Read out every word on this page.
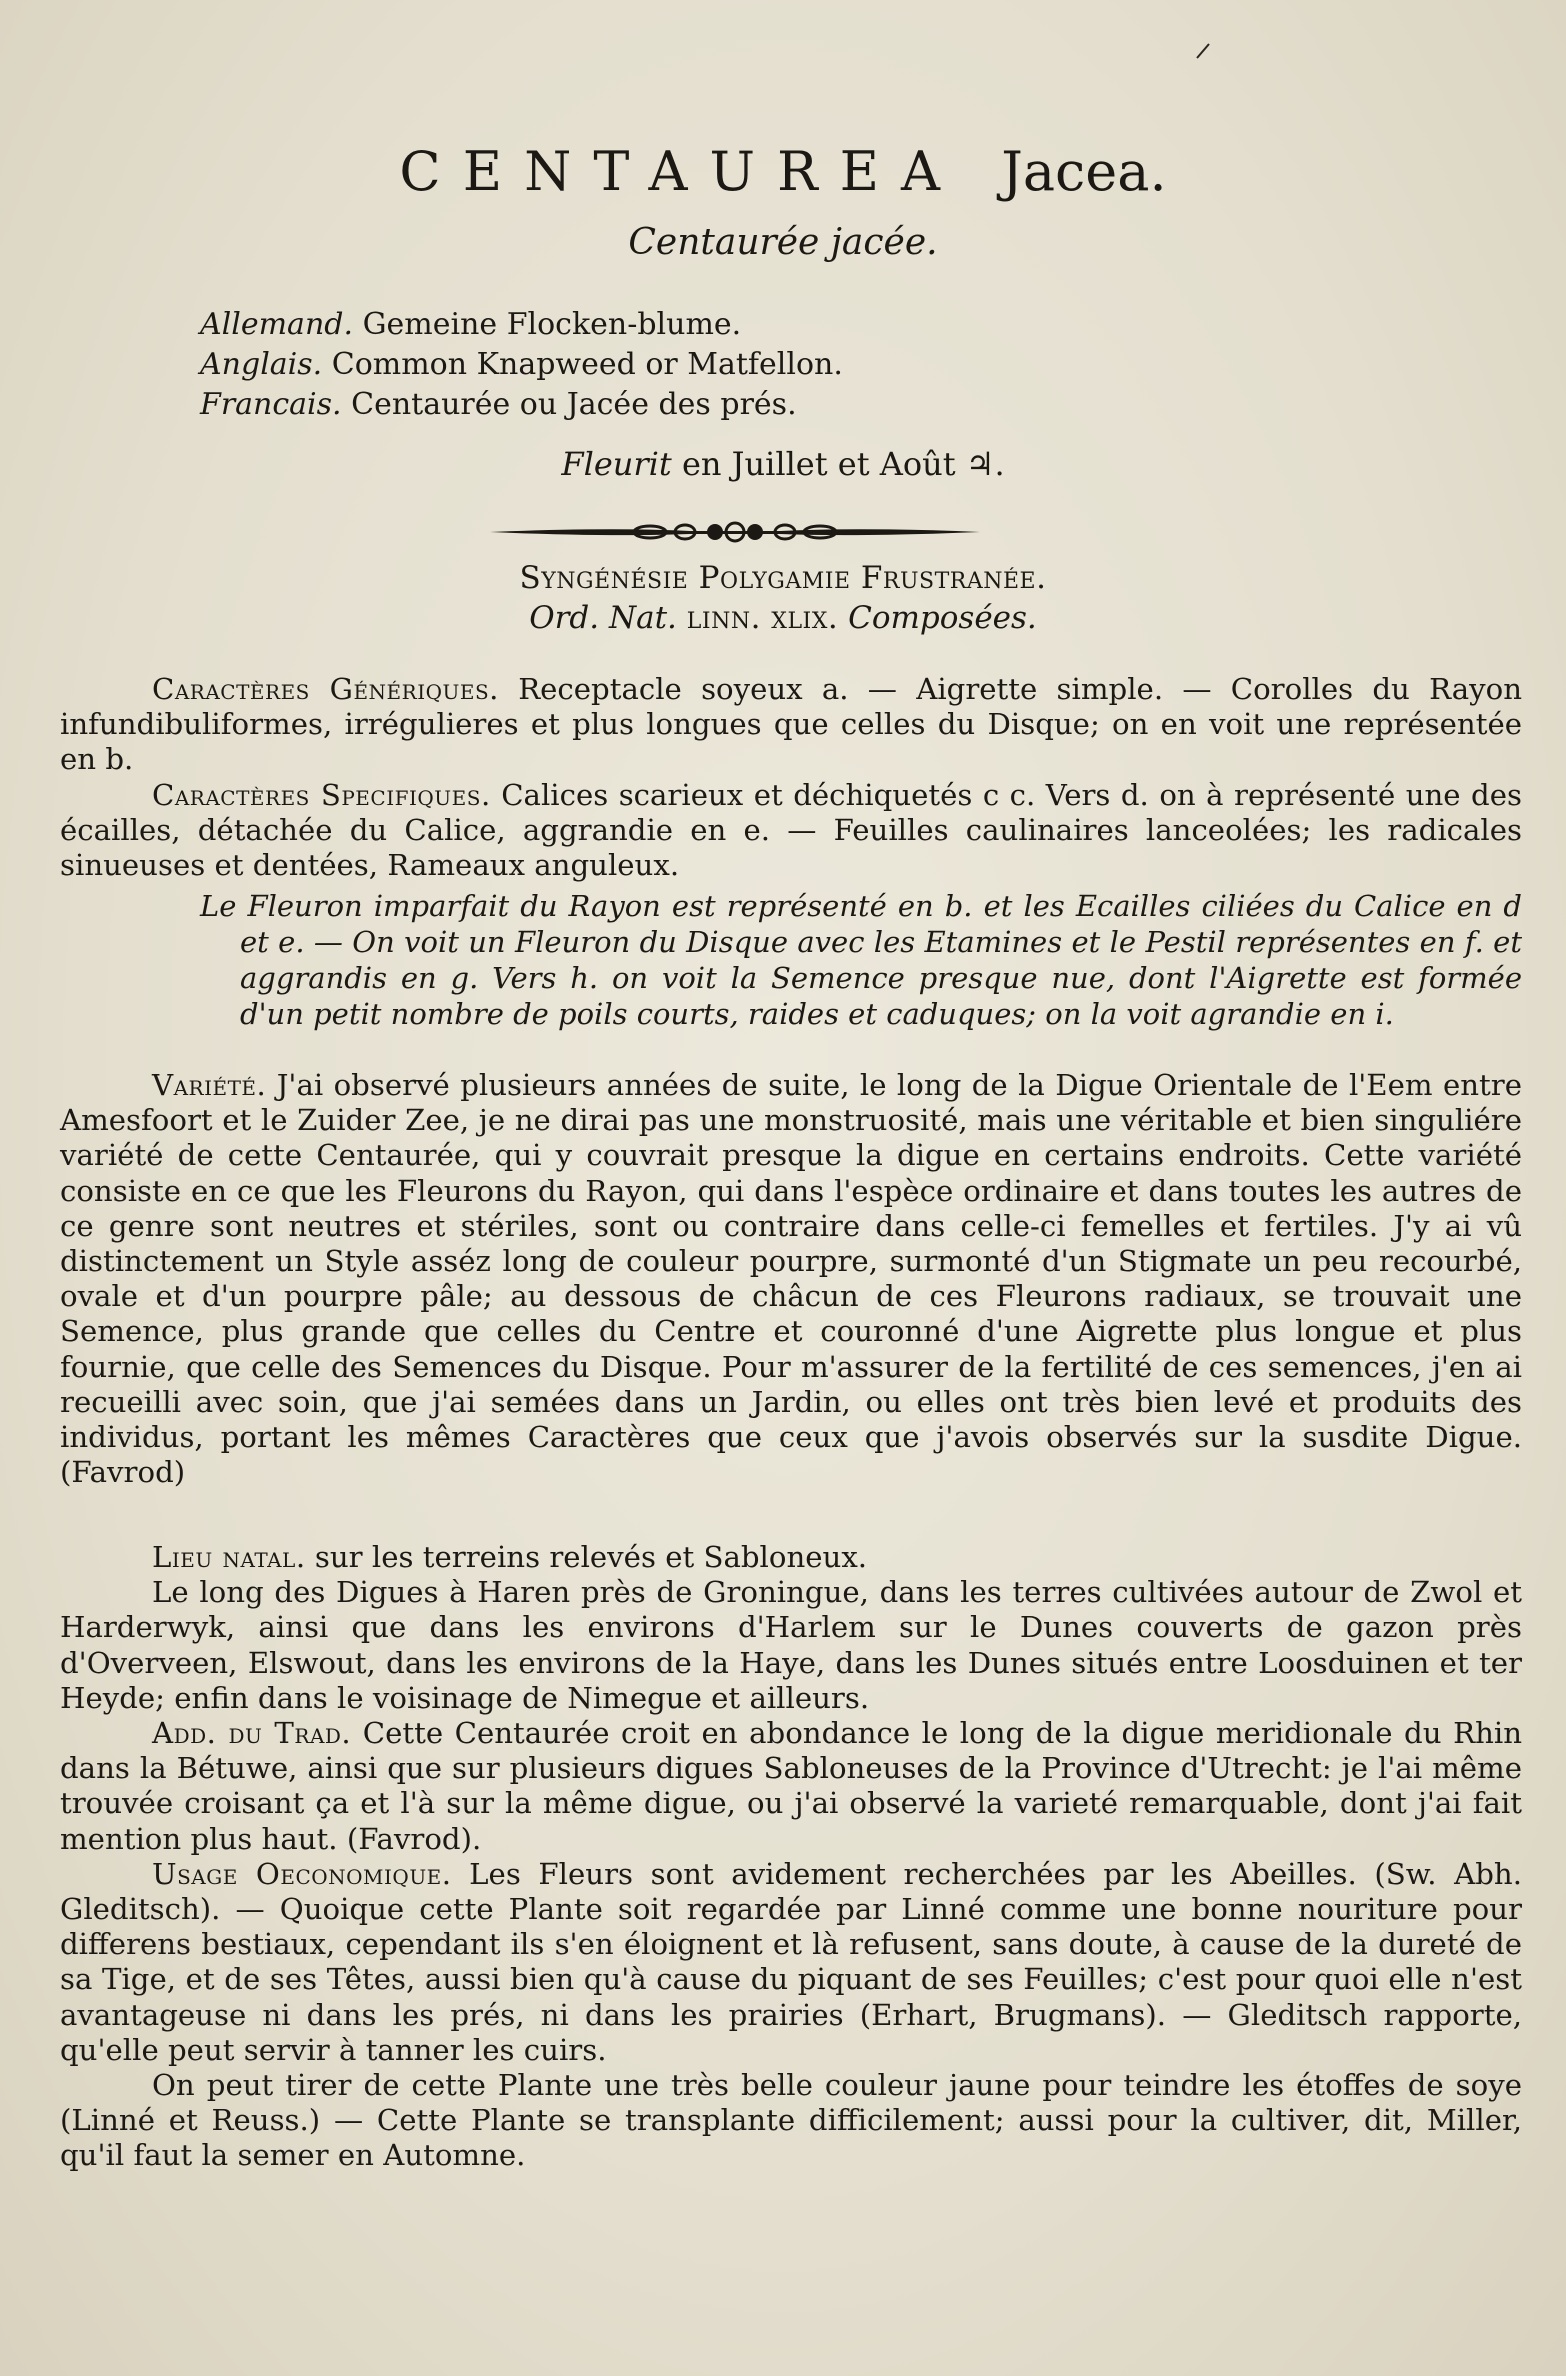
CENTAUREA Jacea.
Centaurée jacée.
Allemand. Gemeine Flocken-blume.
Anglais. Common Knapweed or Matfellon.
Francais. Centaurée ou Jacée des prés.
Fleurit en Juillet et Août ♃.
Syngénésie Polygamie Frustranée.
Ord. Nat. linn. xlix. Composées.

Caractères Génériques. Receptacle soyeux a. — Aigrette simple. — Corolles du Rayon infundibuliformes, irrégulieres et plus longues que celles du Disque; on en voit une représentée en b.

Caractères Specifiques. Calices scarieux et déchiquetés c c. Vers d. on à représenté une des écailles, détachée du Calice, aggrandie en e. — Feuilles caulinaires lanceolées; les radicales sinueuses et dentées, Rameaux anguleux.

Le Fleuron imparfait du Rayon est représenté en b. et les Ecailles ciliées du Calice en d et e. — On voit un Fleuron du Disque avec les Etamines et le Pestil représentes en f. et aggrandis en g. Vers h. on voit la Semence presque nue, dont l'Aigrette est formée d'un petit nombre de poils courts, raides et caduques; on la voit agrandie en i.

Variété. J'ai observé plusieurs années de suite, le long de la Digue Orientale de l'Eem entre Amesfoort et le Zuider Zee, je ne dirai pas une monstruosité, mais une véritable et bien singuliére variété de cette Centaurée, qui y couvrait presque la digue en certains endroits. Cette variété consiste en ce que les Fleurons du Rayon, qui dans l'espèce ordinaire et dans toutes les autres de ce genre sont neutres et stériles, sont ou contraire dans celle-ci femelles et fertiles. J'y ai vû distinctement un Style asséz long de couleur pourpre, surmonté d'un Stigmate un peu recourbé, ovale et d'un pourpre pâle; au dessous de châcun de ces Fleurons radiaux, se trouvait une Semence, plus grande que celles du Centre et couronné d'une Aigrette plus longue et plus fournie, que celle des Semences du Disque. Pour m'assurer de la fertilité de ces semences, j'en ai recueilli avec soin, que j'ai semées dans un Jardin, ou elles ont très bien levé et produits des individus, portant les mêmes Caractères que ceux que j'avois observés sur la susdite Digue. (Favrod)

Lieu natal. sur les terreins relevés et Sabloneux.

Le long des Digues à Haren près de Groningue, dans les terres cultivées autour de Zwol et Harderwyk, ainsi que dans les environs d'Harlem sur le Dunes couverts de gazon près d'Overveen, Elswout, dans les environs de la Haye, dans les Dunes situés entre Loosduinen et ter Heyde; enfin dans le voisinage de Nimegue et ailleurs.

Add. du Trad. Cette Centaurée croit en abondance le long de la digue meridionale du Rhin dans la Bétuwe, ainsi que sur plusieurs digues Sabloneuses de la Province d'Utrecht: je l'ai même trouvée croisant ça et l'à sur la même digue, ou j'ai observé la varieté remarquable, dont j'ai fait mention plus haut. (Favrod).

Usage Oeconomique. Les Fleurs sont avidement recherchées par les Abeilles. (Sw. Abh. Gleditsch). — Quoique cette Plante soit regardée par Linné comme une bonne nouriture pour differens bestiaux, cependant ils s'en éloignent et là refusent, sans doute, à cause de la dureté de sa Tige, et de ses Têtes, aussi bien qu'à cause du piquant de ses Feuilles; c'est pour quoi elle n'est avantageuse ni dans les prés, ni dans les prairies (Erhart, Brugmans). — Gleditsch rapporte, qu'elle peut servir à tanner les cuirs.

On peut tirer de cette Plante une très belle couleur jaune pour teindre les étoffes de soye (Linné et Reuss.) — Cette Plante se transplante difficilement; aussi pour la cultiver, dit, Miller, qu'il faut la semer en Automne.
